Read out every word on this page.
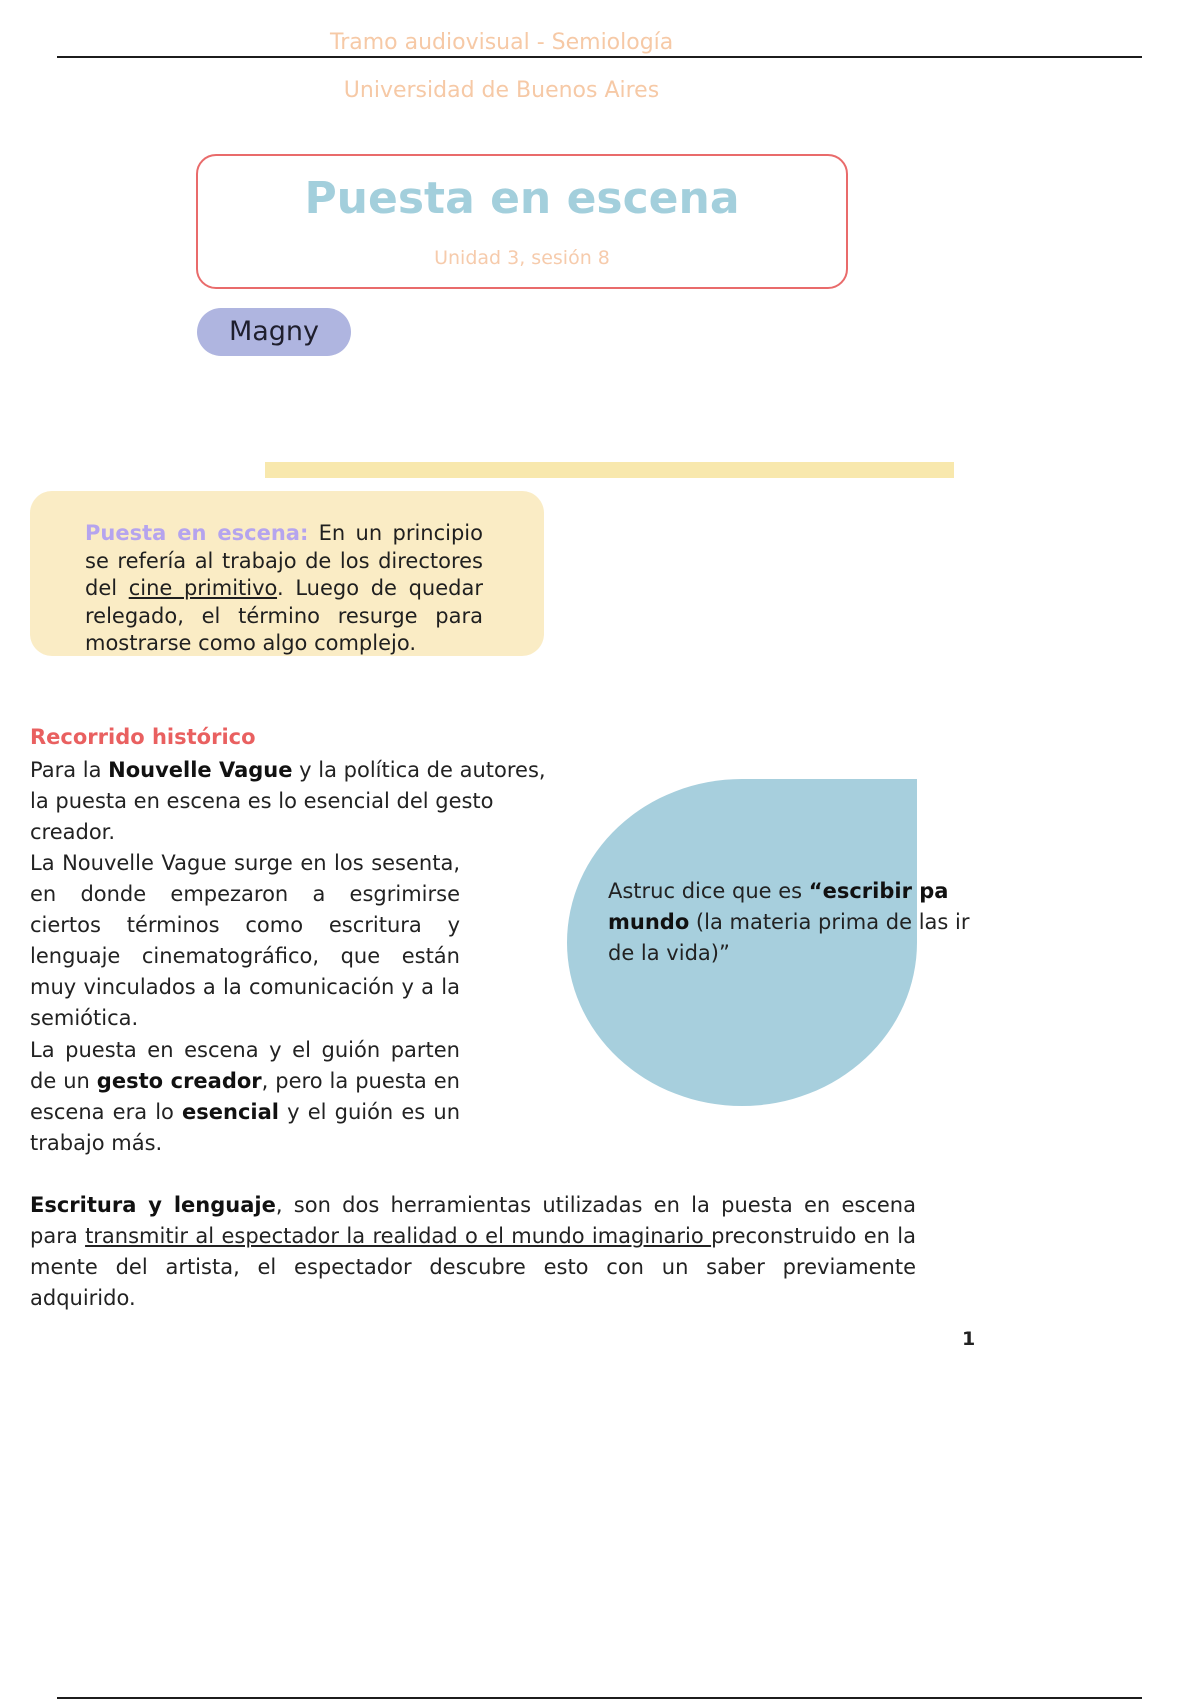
Tramo audiovisual - Semiología
Universidad de Buenos Aires
Puesta en escena
Unidad 3, sesión 8
Magny
Puesta en escena: En un principio se refería al trabajo de los directores del cine primitivo. Luego de quedar relegado, el término resurge para mostrarse como algo complejo.
Recorrido histórico
Para la Nouvelle Vague y la política de autores, la puesta en escena es lo esencial del gesto creador.
La Nouvelle Vague surge en los sesenta, en donde empezaron a esgrimirse ciertos términos como escritura y lenguaje cinematográfico, que están muy vinculados a la comunicación y a la semiótica.
La puesta en escena y el guión parten de un gesto creador, pero la puesta en escena era lo esencial y el guión es un trabajo más.
Escritura y lenguaje, son dos herramientas utilizadas en la puesta en escena para transmitir al espectador la realidad o el mundo imaginario preconstruido en la mente del artista, el espectador descubre esto con un saber previamente adquirido.
Astruc dice que es “escribir pa
mundo (la materia prima de las ir
de la vida)”
1
